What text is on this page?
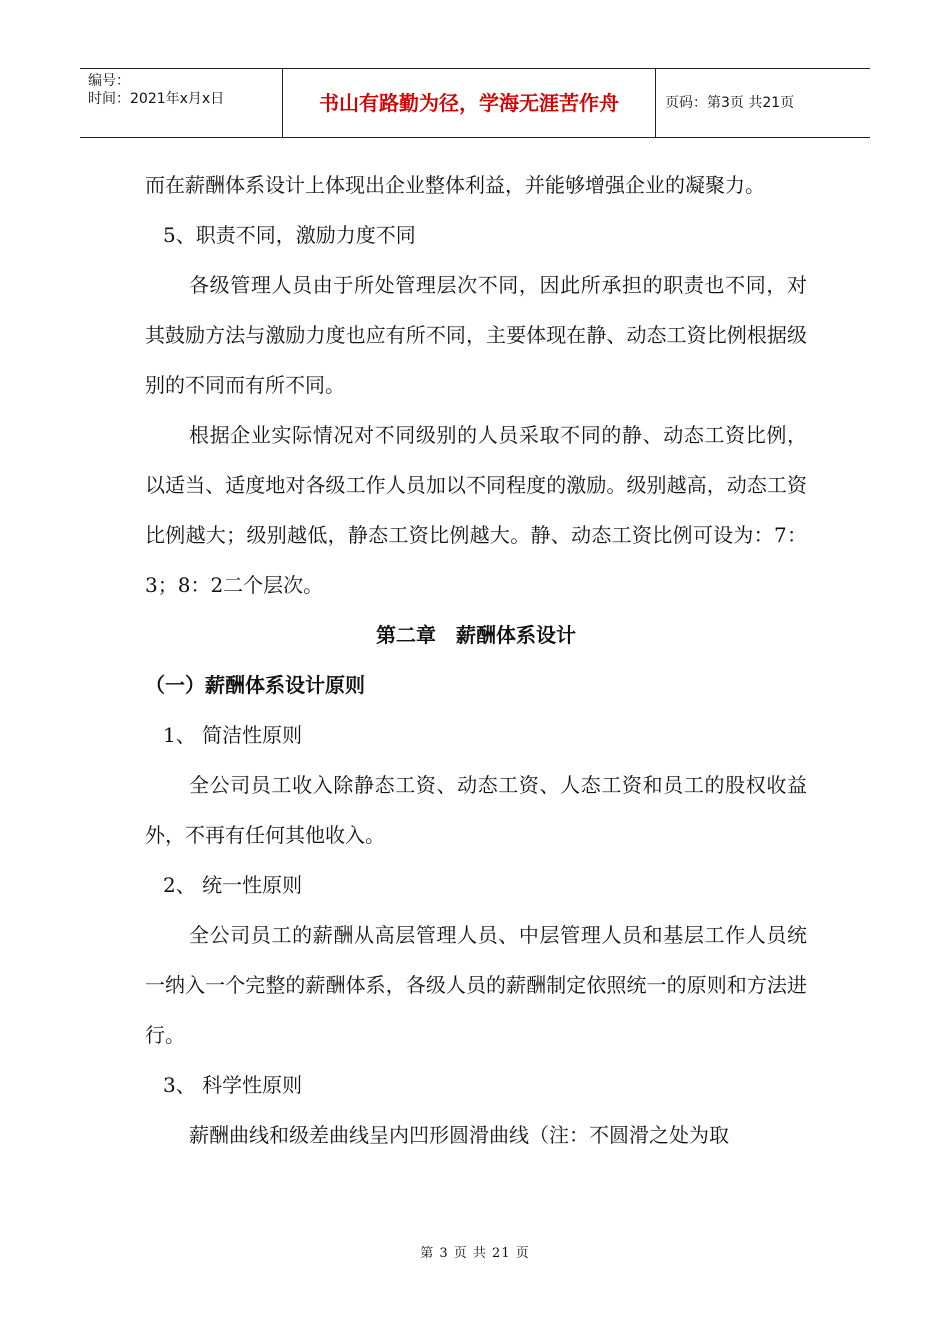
编号：
时间：2021年x月x日	书山有路勤为径，学海无涯苦作舟	页码：第3页 共21页

而在薪酬体系设计上体现出企业整体利益，并能够增强企业的凝聚力。

5、职责不同，激励力度不同

各级管理人员由于所处管理层次不同，因此所承担的职责也不同，对其鼓励方法与激励力度也应有所不同，主要体现在静、动态工资比例根据级别的不同而有所不同。

根据企业实际情况对不同级别的人员采取不同的静、动态工资比例，以适当、适度地对各级工作人员加以不同程度的激励。级别越高，动态工资比例越大；级别越低，静态工资比例越大。静、动态工资比例可设为：7：3；8：2二个层次。

第二章　薪酬体系设计

（一）薪酬体系设计原则

1、 简洁性原则

全公司员工收入除静态工资、动态工资、人态工资和员工的股权收益外，不再有任何其他收入。

2、 统一性原则

全公司员工的薪酬从高层管理人员、中层管理人员和基层工作人员统一纳入一个完整的薪酬体系，各级人员的薪酬制定依照统一的原则和方法进行。

3、 科学性原则

薪酬曲线和级差曲线呈内凹形圆滑曲线（注：不圆滑之处为取

第 3 页 共 21 页
